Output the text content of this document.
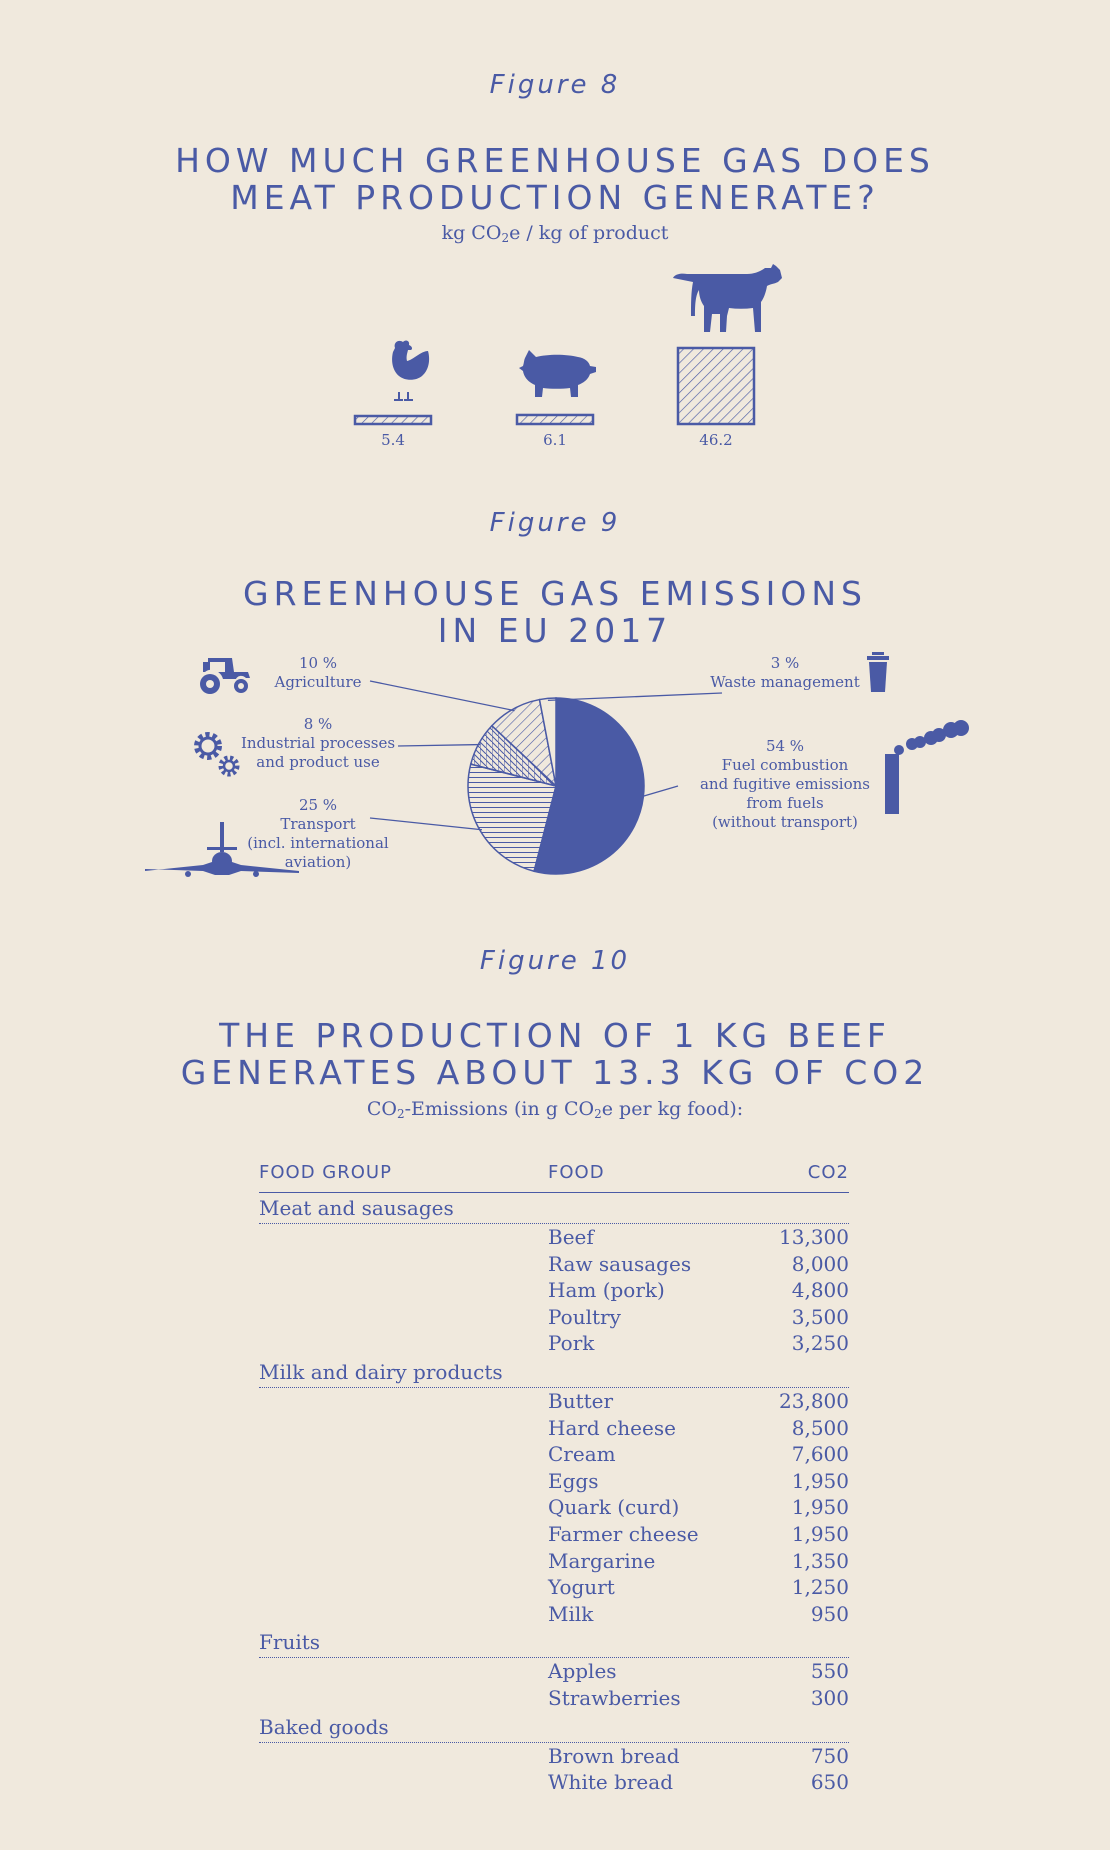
Figure 8
HOW MUCH GREENHOUSE GAS DOES
MEAT PRODUCTION GENERATE?
kg $CO_2e$ / kg of product
5.4	6.1	46.2
Figure 9
GREENHOUSE GAS EMISSIONS
IN EU 2017
10 %
Agriculture
8 %
Industrial processes
and product use
25 %
Transport
(incl. international
aviation)
3 %
Waste management
54 %
Fuel combustion
and fugitive emissions
from fuels
(without transport)
Figure 10
THE PRODUCTION OF 1 KG BEEF
GENERATES ABOUT 13.3 KG OF CO2
$CO_2$-Emissions (in g $CO_2e$ per kg food):
FOOD GROUP	FOOD	CO2
Meat and sausages
Beef	13,300
Raw sausages	8,000
Ham (pork)	4,800
Poultry	3,500
Pork	3,250
Milk and dairy products
Butter	23,800
Hard cheese	8,500
Cream	7,600
Eggs	1,950
Quark (curd)	1,950
Farmer cheese	1,950
Margarine	1,350
Yogurt	1,250
Milk	950
Fruits
Apples	550
Strawberries	300
Baked goods
Brown bread	750
White bread	650
